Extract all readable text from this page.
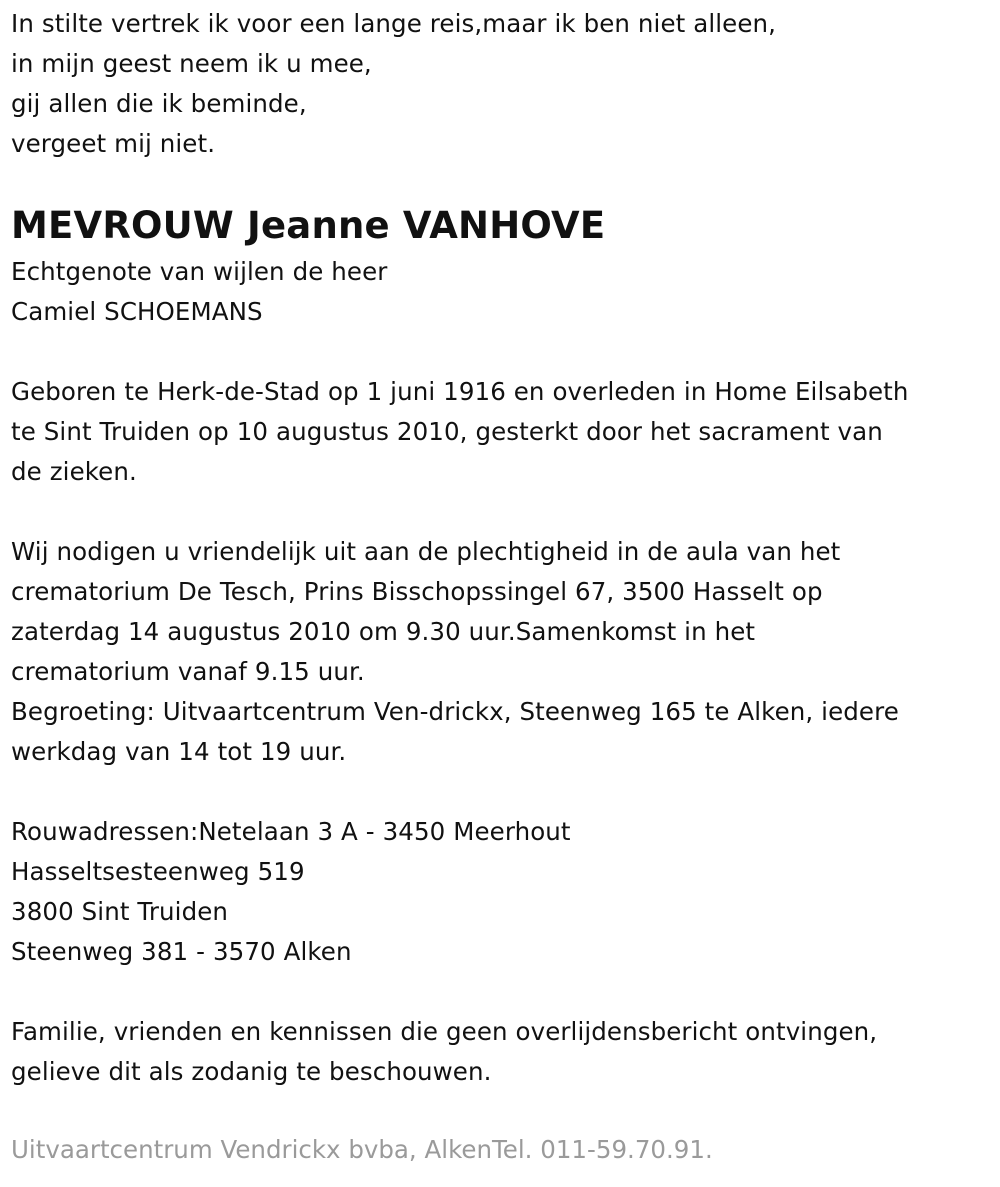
In stilte vertrek ik voor een lange reis,maar ik ben niet alleen,
in mijn geest neem ik u mee,
gij allen die ik beminde,
vergeet mij niet.
MEVROUW Jeanne VANHOVE
Echtgenote van wijlen de heer
Camiel SCHOEMANS
Geboren te Herk-de-Stad op 1 juni 1916 en overleden in Home Eilsabeth
te Sint Truiden op 10 augustus 2010, gesterkt door het sacrament van
de zieken.
Wij nodigen u vriendelijk uit aan de plechtigheid in de aula van het
crematorium De Tesch, Prins Bisschopssingel 67, 3500 Hasselt op
zaterdag 14 augustus 2010 om 9.30 uur.Samenkomst in het
crematorium vanaf 9.15 uur.
Begroeting: Uitvaartcentrum Ven-drickx, Steenweg 165 te Alken, iedere
werkdag van 14 tot 19 uur.
Rouwadressen:Netelaan 3 A - 3450 Meerhout
Hasseltsesteenweg 519
3800 Sint Truiden
Steenweg 381 - 3570 Alken
Familie, vrienden en kennissen die geen overlijdensbericht ontvingen,
gelieve dit als zodanig te beschouwen.
Uitvaartcentrum Vendrickx bvba, AlkenTel. 011-59.70.91.
